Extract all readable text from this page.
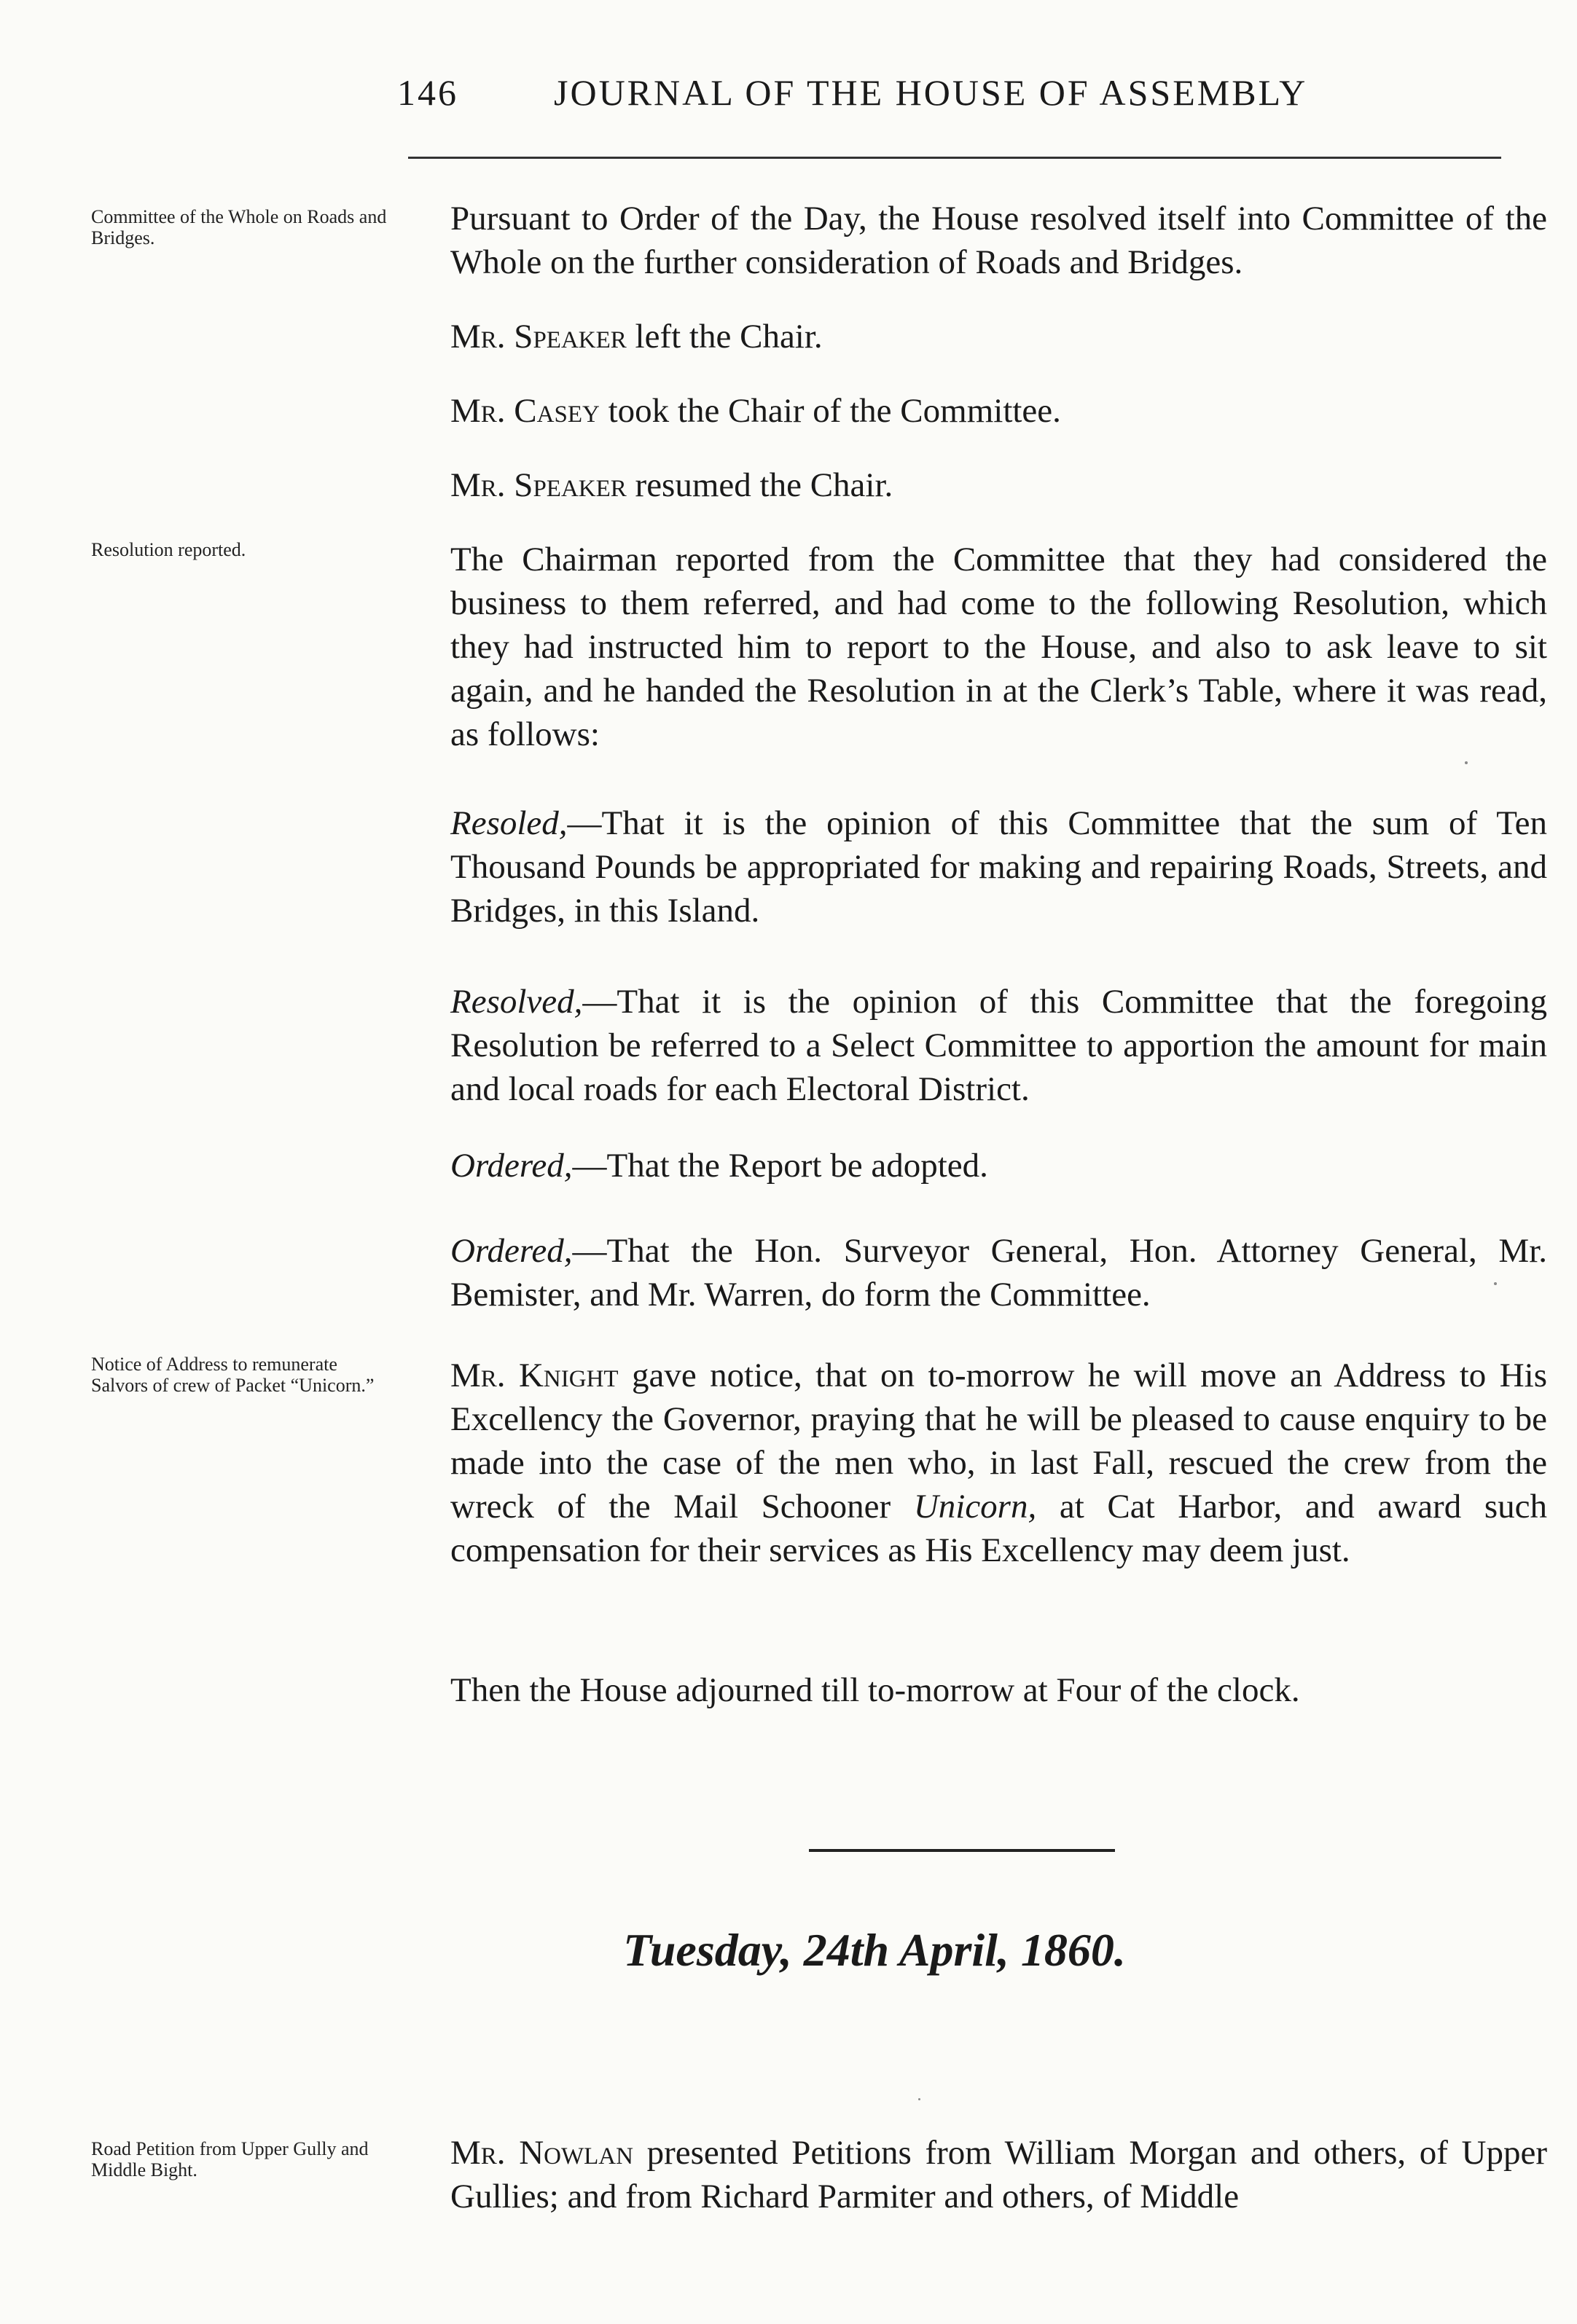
146	JOURNAL OF THE HOUSE OF ASSEMBLY
Committee of the Whole on Roads and Bridges.
Resolution reported.
Notice of Address to remunerate Salvors of crew of Packet “Unicorn.”
Road Petition from Upper Gully and Middle Bight.
Pursuant to Order of the Day, the House resolved itself into Committee of the Whole on the further consideration of Roads and Bridges.
Mr. Speaker left the Chair.
Mr. Casey took the Chair of the Committee.
Mr. Speaker resumed the Chair.
The Chairman reported from the Committee that they had considered the business to them referred, and had come to the following Resolution, which they had instructed him to report to the House, and also to ask leave to sit again, and he handed the Resolution in at the Clerk’s Table, where it was read, as follows:
Resoled,—That it is the opinion of this Committee that the sum of Ten Thousand Pounds be appropriated for making and repairing Roads, Streets, and Bridges, in this Island.
Resolved,—That it is the opinion of this Committee that the foregoing Resolution be referred to a Select Committee to apportion the amount for main and local roads for each Electoral District.
Ordered,—That the Report be adopted.
Ordered,—That the Hon. Surveyor General, Hon. Attorney General, Mr. Bemister, and Mr. Warren, do form the Committee.
Mr. Knight gave notice, that on to-morrow he will move an Address to His Excellency the Governor, praying that he will be pleased to cause enquiry to be made into the case of the men who, in last Fall, rescued the crew from the wreck of the Mail Schooner Unicorn, at Cat Harbor, and award such compensation for their services as His Excellency may deem just.
Then the House adjourned till to-morrow at Four of the clock.
Tuesday, 24th April, 1860.
Mr. Nowlan presented Petitions from William Morgan and others, of Upper Gullies; and from Richard Parmiter and others, of Middle
